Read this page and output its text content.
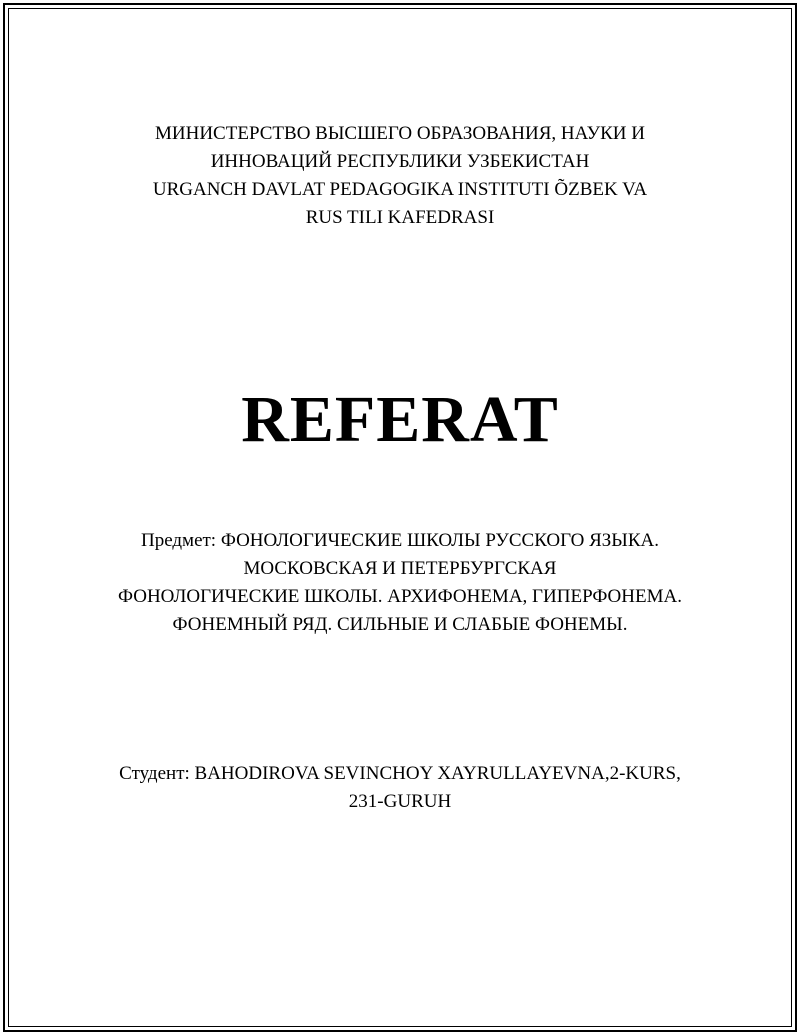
МИНИСТЕРСТВО ВЫСШЕГО ОБРАЗОВАНИЯ, НАУКИ И
ИННОВАЦИЙ РЕСПУБЛИКИ УЗБЕКИСТАН
URGANCH DAVLAT PEDAGOGIKA INSTITUTI ÕZBEK VA
RUS TILI KAFEDRASI
REFERAT
Предмет: ФОНОЛОГИЧЕСКИЕ ШКОЛЫ РУССКОГО ЯЗЫКА.
МОСКОВСКАЯ И ПЕТЕРБУРГСКАЯ
ФОНОЛОГИЧЕСКИЕ ШКОЛЫ. АРХИФОНЕМА, ГИПЕРФОНЕМА.
ФОНЕМНЫЙ РЯД. СИЛЬНЫЕ И СЛАБЫЕ ФОНЕМЫ.
Студент: BAHODIROVA SEVINCHOY XAYRULLAYEVNA,2-KURS,
231-GURUH
